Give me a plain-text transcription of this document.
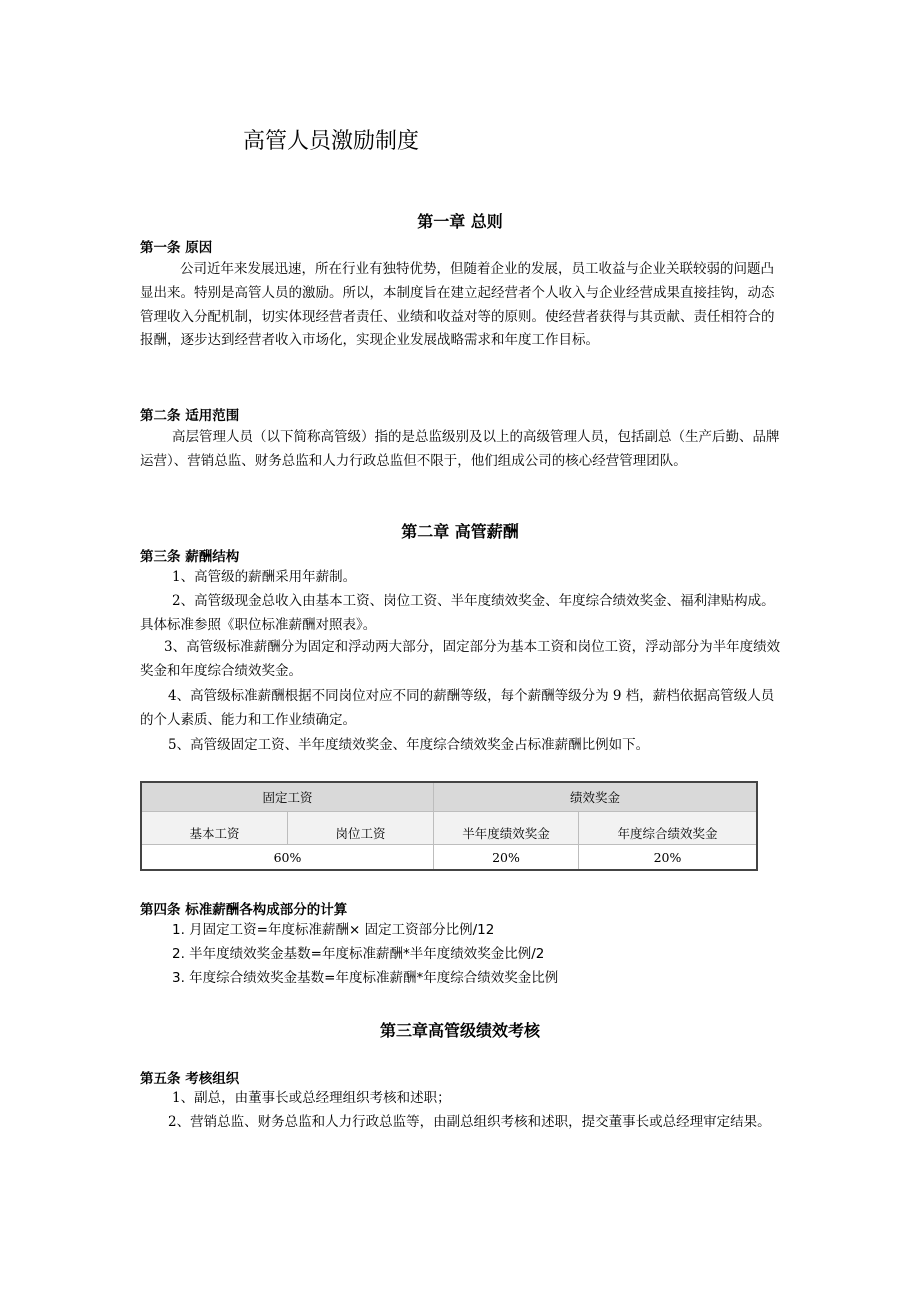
高管人员激励制度
第一章 总则
第一条 原因

公司近年来发展迅速，所在行业有独特优势，但随着企业的发展，员工收益与企业关联较弱的问题凸显出来。特别是高管人员的激励。所以，本制度旨在建立起经营者个人收入与企业经营成果直接挂钩，动态管理收入分配机制，切实体现经营者责任、业绩和收益对等的原则。使经营者获得与其贡献、责任相符合的报酬，逐步达到经营者收入市场化，实现企业发展战略需求和年度工作目标。

第二条 适用范围

高层管理人员（以下简称高管级）指的是总监级别及以上的高级管理人员，包括副总（生产后勤、品牌运营）、营销总监、财务总监和人力行政总监但不限于，他们组成公司的核心经营管理团队。

第二章 高管薪酬
第三条 薪酬结构

1、高管级的薪酬采用年薪制。

2、高管级现金总收入由基本工资、岗位工资、半年度绩效奖金、年度综合绩效奖金、福利津贴构成。具体标准参照《职位标准薪酬对照表》。

3、高管级标准薪酬分为固定和浮动两大部分，固定部分为基本工资和岗位工资，浮动部分为半年度绩效奖金和年度综合绩效奖金。

4、高管级标准薪酬根据不同岗位对应不同的薪酬等级，每个薪酬等级分为 9 档，薪档依据高管级人员的个人素质、能力和工作业绩确定。

5、高管级固定工资、半年度绩效奖金、年度综合绩效奖金占标准薪酬比例如下。

固定工资		绩效奖金	
基本工资	岗位工资	半年度绩效奖金	年度综合绩效奖金
60%		20%	20%
第四条 标准薪酬各构成部分的计算

1. 月固定工资=年度标准薪酬× 固定工资部分比例/12

2. 半年度绩效奖金基数=年度标准薪酬*半年度绩效奖金比例/2

3. 年度综合绩效奖金基数=年度标准薪酬*年度综合绩效奖金比例

第三章高管级绩效考核
第五条 考核组织

1、副总，由董事长或总经理组织考核和述职；

2、营销总监、财务总监和人力行政总监等，由副总组织考核和述职，提交董事长或总经理审定结果。
